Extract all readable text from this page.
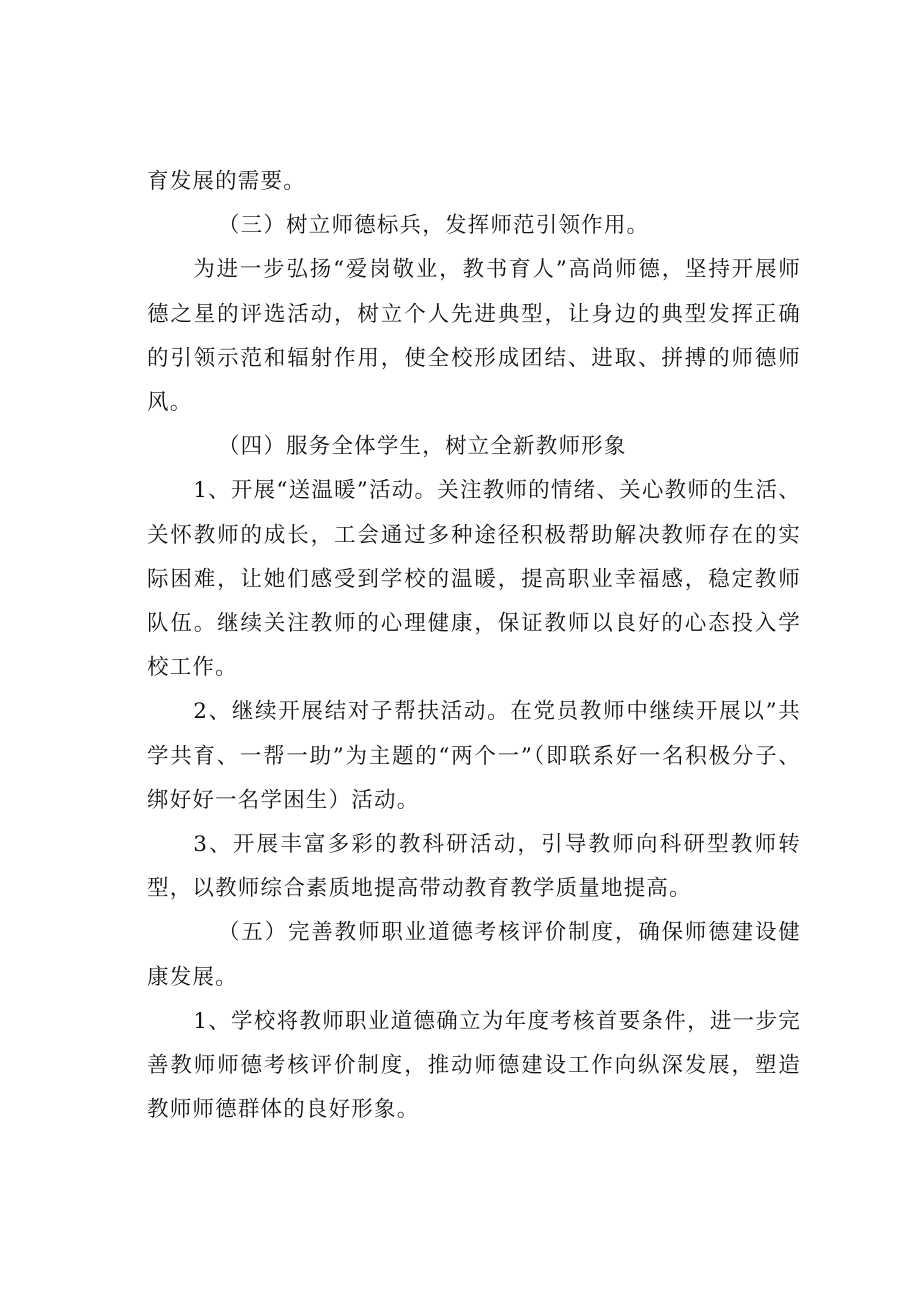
育发展的需要。

（三）树立师德标兵，发挥师范引领作用。

为进一步弘扬“爱岗敬业，教书育人”高尚师德，坚持开展师德之星的评选活动，树立个人先进典型，让身边的典型发挥正确的引领示范和辐射作用，使全校形成团结、进取、拼搏的师德师风。

（四）服务全体学生，树立全新教师形象

1、开展“送温暖”活动。关注教师的情绪、关心教师的生活、关怀教师的成长，工会通过多种途径积极帮助解决教师存在的实际困难，让她们感受到学校的温暖，提高职业幸福感，稳定教师队伍。继续关注教师的心理健康，保证教师以良好的心态投入学校工作。

2、继续开展结对子帮扶活动。在党员教师中继续开展以”共学共育、一帮一助”为主题的“两个一”（即联系好一名积极分子、绑好好一名学困生）活动。

3、开展丰富多彩的教科研活动，引导教师向科研型教师转型，以教师综合素质地提高带动教育教学质量地提高。

（五）完善教师职业道德考核评价制度，确保师德建设健康发展。

1、学校将教师职业道德确立为年度考核首要条件，进一步完善教师师德考核评价制度，推动师德建设工作向纵深发展，塑造教师师德群体的良好形象。
